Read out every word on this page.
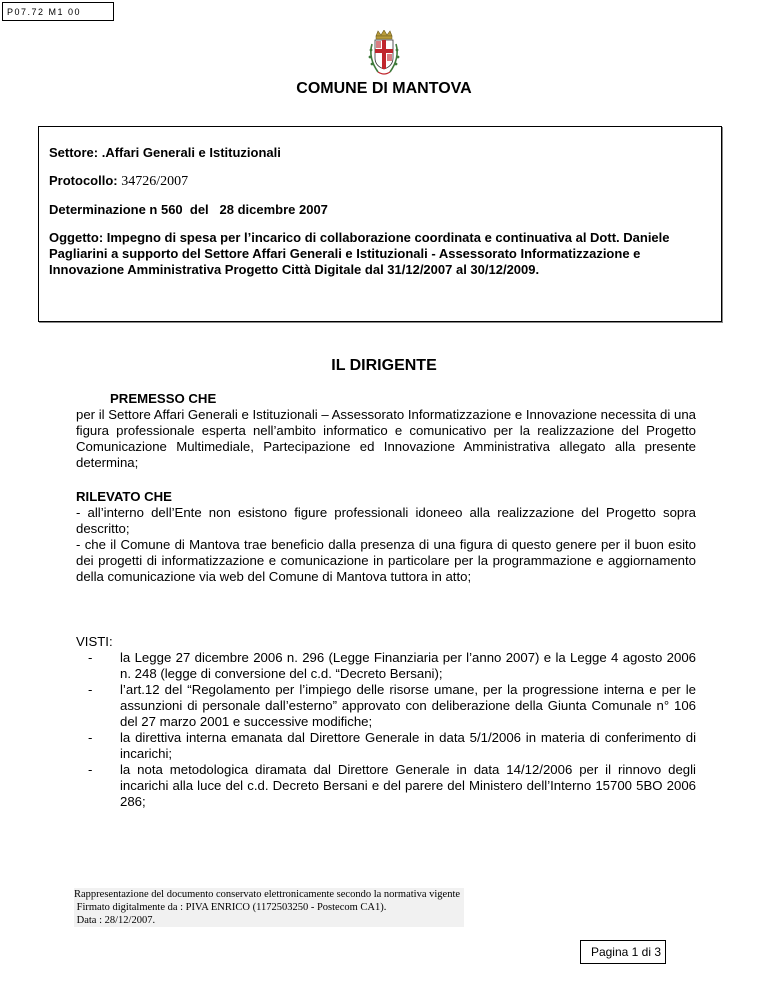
P07.72 M1 00
COMUNE DI MANTOVA

Settore: .Affari Generali e Istituzionali

Protocollo: 34726/2007

Determinazione n 560  del   28 dicembre 2007

Oggetto: Impegno di spesa per l’incarico di collaborazione coordinata e continuativa al Dott. Daniele Pagliarini a supporto del Settore Affari Generali e Istituzionali - Assessorato Informatizzazione e Innovazione Amministrativa Progetto Città Digitale dal 31/12/2007 al 30/12/2009.

IL DIRIGENTE
PREMESSO CHE

per il Settore Affari Generali e Istituzionali – Assessorato Informatizzazione e Innovazione necessita di una figura professionale esperta nell’ambito informatico e comunicativo per la realizzazione del Progetto Comunicazione Multimediale, Partecipazione ed Innovazione Amministrativa allegato alla presente determina;

RILEVATO CHE

- all’interno dell’Ente non esistono figure professionali idoneeo alla realizzazione del Progetto sopra descritto;

- che il Comune di Mantova trae beneficio dalla presenza di una figura di questo genere per il buon esito dei progetti di informatizzazione e comunicazione in particolare per la programmazione e aggiornamento della comunicazione via web del Comune di Mantova tuttora in atto;

VISTI:

- la Legge 27 dicembre 2006 n. 296 (Legge Finanziaria per l’anno 2007) e la Legge 4 agosto 2006 n. 248 (legge di conversione del c.d. “Decreto Bersani);
- l’art.12 del “Regolamento per l’impiego delle risorse umane, per la progressione interna e per le assunzioni di personale dall’esterno” approvato con deliberazione della Giunta Comunale n° 106 del 27 marzo 2001 e successive modifiche;
- la direttiva interna emanata dal Direttore Generale in data 5/1/2006 in materia di conferimento di incarichi;
- la nota metodologica diramata dal Direttore Generale in data 14/12/2006 per il rinnovo degli incarichi alla luce del c.d. Decreto Bersani e del parere del Ministero dell’Interno 15700 5BO 2006 286;
Rappresentazione del documento conservato elettronicamente secondo la normativa vigente
Firmato digitalmente da : PIVA ENRICO (1172503250 - Postecom CA1).
Data : 28/12/2007.
Pagina 1 di 3
